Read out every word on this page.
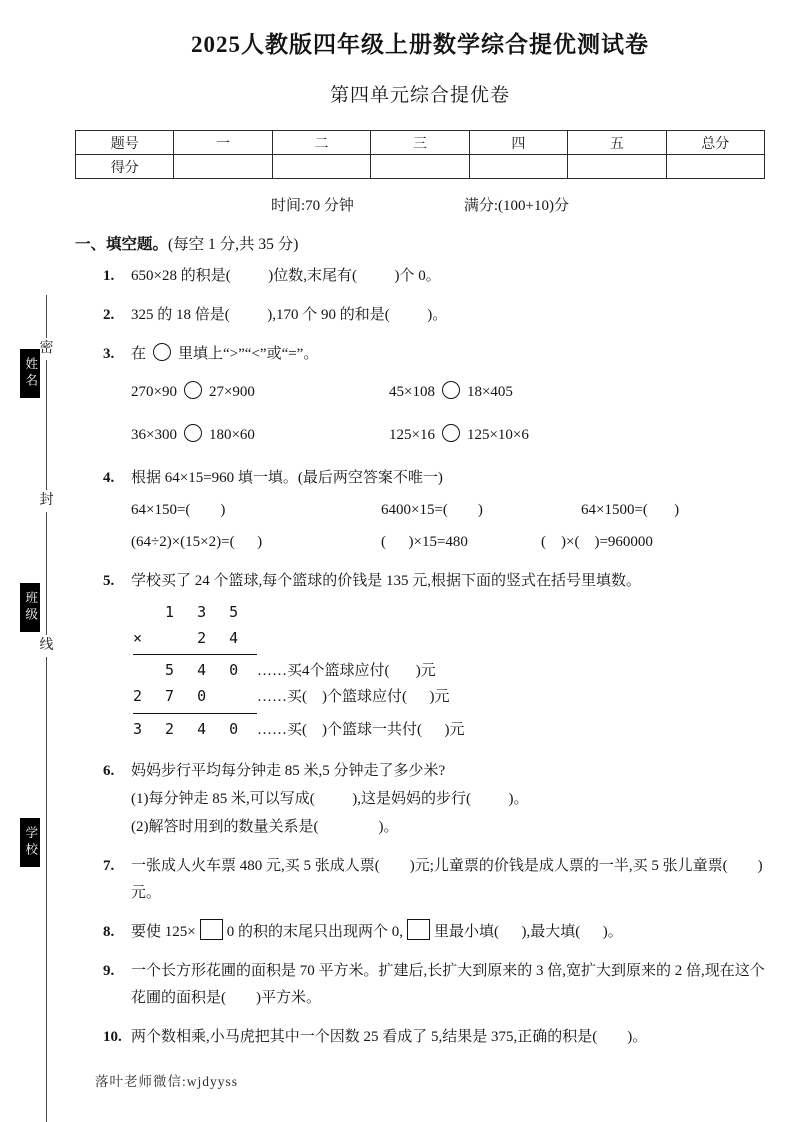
密
封
线
姓名
班级
学校
2025人教版四年级上册数学综合提优测试卷
第四单元综合提优卷
题号	一	二	三	四	五	总分
得分						
时间:70 分钟	满分:(100+10)分
一、填空题。(每空 1 分,共 35 分)
1.	650×28 的积是(          )位数,末尾有(          )个 0。
2.	325 的 18 倍是(          ),170 个 90 的和是(          )。
3.	在 里填上“>”“<”或“=”。
270×90 27×900	45×108 18×405
36×300 180×60	125×16 125×10×6
4.	根据 64×15=960 填一填。(最后两空答案不唯一)
64×150=(        )	6400×15=(        )	64×1500=(       )
(64÷2)×(15×2)=(      )	(      )×15=480	(    )×(    )=960000
5.	学校买了 24 个篮球,每个篮球的价钱是 135 元,根据下面的竖式在括号里填数。
1 3 5
×   2 4
5 4 0 ……买4个篮球应付(       )元
2 7 0	……买(    )个篮球应付(      )元
3 2 4 0 ……买(    )个篮球一共付(      )元
6.	妈妈步行平均每分钟走 85 米,5 分钟走了多少米?
(1)每分钟走 85 米,可以写成(          ),这是妈妈的步行(          )。
(2)解答时用到的数量关系是(                )。
7.	一张成人火车票 480 元,买 5 张成人票(        )元;儿童票的价钱是成人票的一半,买 5 张儿童票(        )元。
8.	要使 125× 0 的积的末尾只出现两个 0, 里最小填(      ),最大填(      )。
9.	一个长方形花圃的面积是 70 平方米。扩建后,长扩大到原来的 3 倍,宽扩大到原来的 2 倍,现在这个花圃的面积是(        )平方米。
10. 两个数相乘,小马虎把其中一个因数 25 看成了 5,结果是 375,正确的积是(        )。
落叶老师微信:wjdyyss
